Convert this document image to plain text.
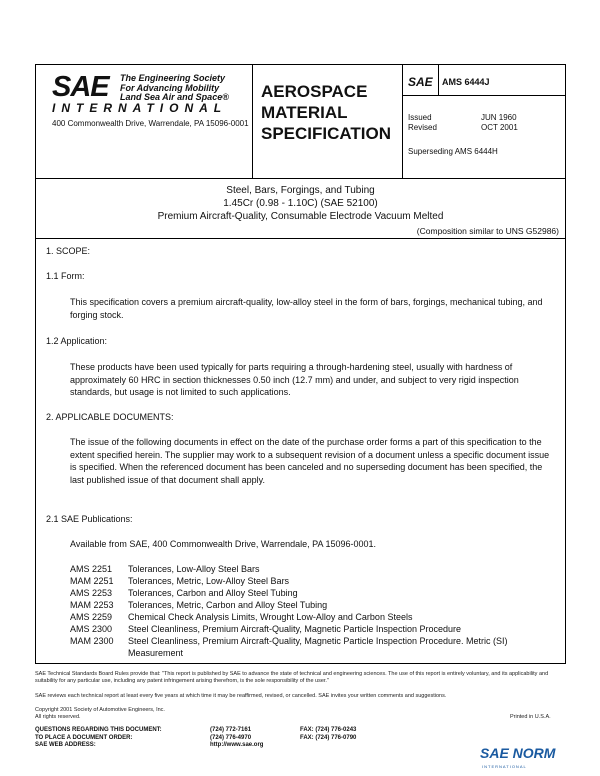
SAE The Engineering Society
For Advancing Mobility
Land Sea Air and Space®
INTERNATIONAL
400 Commonwealth Drive, Warrendale, PA 15096-0001
AEROSPACE
MATERIAL
SPECIFICATION
SAE AMS 6444J
Issued	JUN 1960
Revised	OCT 2001
Superseding AMS 6444H
Steel, Bars, Forgings, and Tubing
1.45Cr (0.98 - 1.10C) (SAE 52100)
Premium Aircraft-Quality, Consumable Electrode Vacuum Melted
(Composition similar to UNS G52986)
1. SCOPE:
1.1 Form:
This specification covers a premium aircraft-quality, low-alloy steel in the form of bars, forgings, mechanical tubing, and forging stock.
1.2 Application:
These products have been used typically for parts requiring a through-hardening steel, usually with hardness of approximately 60 HRC in section thicknesses 0.50 inch (12.7 mm) and under, and subject to very rigid inspection standards, but usage is not limited to such applications.
2. APPLICABLE DOCUMENTS:
The issue of the following documents in effect on the date of the purchase order forms a part of this specification to the extent specified herein. The supplier may work to a subsequent revision of a document unless a specific document issue is specified. When the referenced document has been canceled and no superseding document has been specified, the last published issue of that document shall apply.
2.1 SAE Publications:
Available from SAE, 400 Commonwealth Drive, Warrendale, PA 15096-0001.
AMS 2251	Tolerances, Low-Alloy Steel Bars
MAM 2251	Tolerances, Metric, Low-Alloy Steel Bars
AMS 2253	Tolerances, Carbon and Alloy Steel Tubing
MAM 2253	Tolerances, Metric, Carbon and Alloy Steel Tubing
AMS 2259	Chemical Check Analysis Limits, Wrought Low-Alloy and Carbon Steels
AMS 2300	Steel Cleanliness, Premium Aircraft-Quality, Magnetic Particle Inspection Procedure
MAM 2300	Steel Cleanliness, Premium Aircraft-Quality, Magnetic Particle Inspection Procedure. Metric (SI) Measurement
SAE Technical Standards Board Rules provide that: "This report is published by SAE to advance the state of technical and engineering sciences. The use of this report is entirely voluntary, and its applicability and suitability for any particular use, including any patent infringement arising therefrom, is the sole responsibility of the user."
SAE reviews each technical report at least every five years at which time it may be reaffirmed, revised, or cancelled. SAE invites your written comments and suggestions.
Copyright 2001 Society of Automotive Engineers, Inc.
All rights reserved.	Printed in U.S.A.
QUESTIONS REGARDING THIS DOCUMENT:	(724) 772-7161	FAX: (724) 776-0243
TO PLACE A DOCUMENT ORDER:	(724) 776-4970	FAX: (724) 776-0790
SAE WEB ADDRESS:	http://www.sae.org	SAE NORM
INTERNATIONAL
